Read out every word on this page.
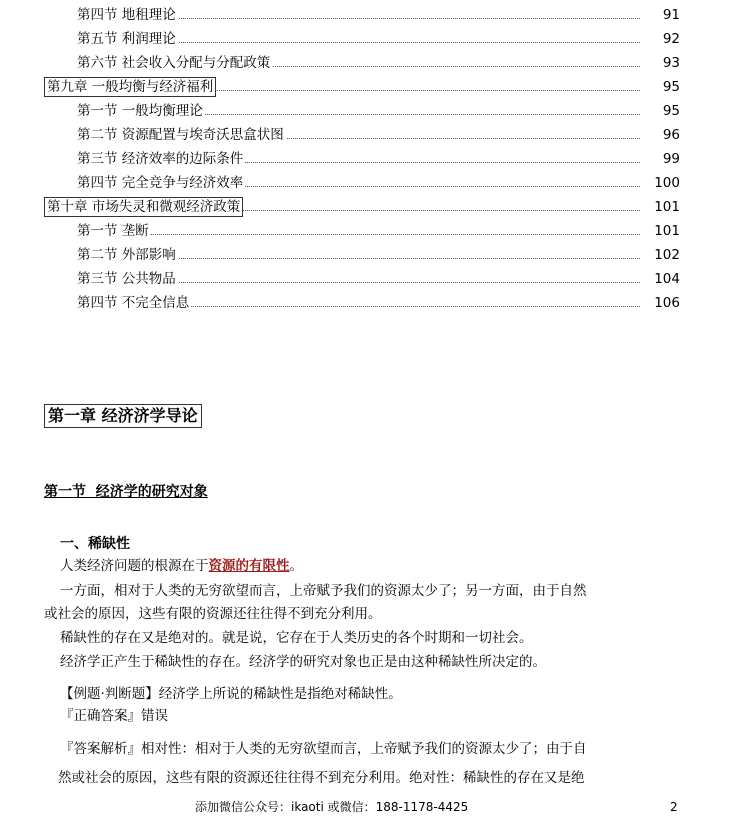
第四节 地租理论	91
第五节 利润理论	92
第六节 社会收入分配与分配政策	93
第九章 一般均衡与经济福利	95
第一节 一般均衡理论	95
第二节 资源配置与埃奇沃思盒状图	96
第三节 经济效率的边际条件	99
第四节 完全竞争与经济效率	100
第十章 市场失灵和微观经济政策	101
第一节 垄断	101
第二节 外部影响	102
第三节 公共物品	104
第四节 不完全信息	106
第一章 经济济学导论
第一节  经济学的研究对象
一、稀缺性
人类经济问题的根源在于资源的有限性。
一方面，相对于人类的无穷欲望而言，上帝赋予我们的资源太少了；另一方面，由于自然
或社会的原因，这些有限的资源还往往得不到充分利用。
稀缺性的存在又是绝对的。就是说，它存在于人类历史的各个时期和一切社会。
经济学正产生于稀缺性的存在。经济学的研究对象也正是由这种稀缺性所决定的。
【例题·判断题】经济学上所说的稀缺性是指绝对稀缺性。
『正确答案』错误
『答案解析』相对性：相对于人类的无穷欲望而言，上帝赋予我们的资源太少了；由于自
然或社会的原因，这些有限的资源还往往得不到充分利用。绝对性：稀缺性的存在又是绝
添加微信公众号：ikaoti 或微信：188-1178-4425	2
